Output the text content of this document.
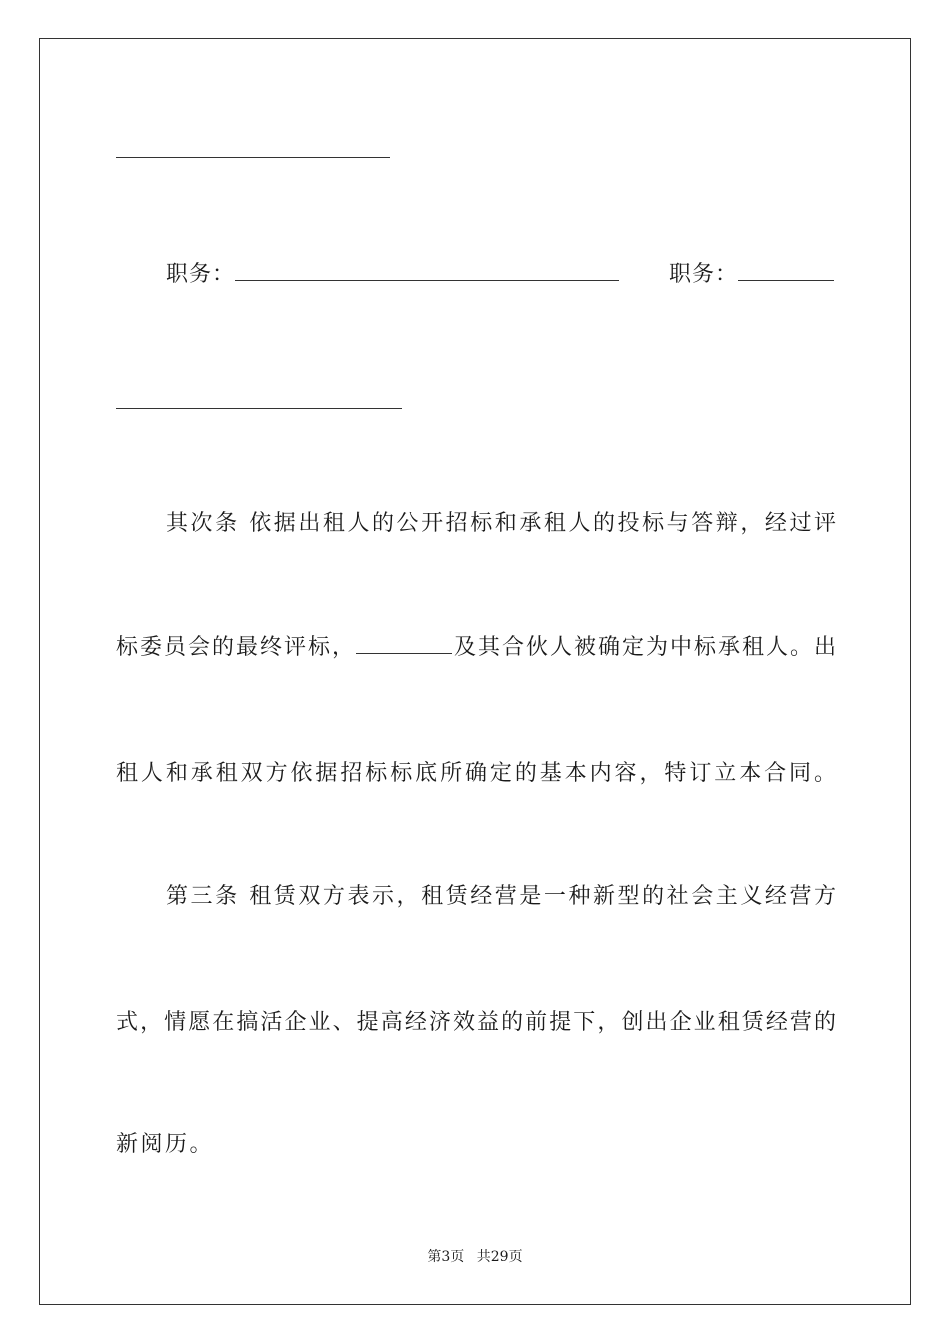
职务：	职务：
其次条 依据出租人的公开招标和承租人的投标与答辩，经过评
标委员会的最终评标，	及其合伙人被确定为中标承租人。出
租人和承租双方依据招标标底所确定的基本内容，特订立本合同。
第三条 租赁双方表示，租赁经营是一种新型的社会主义经营方
式，情愿在搞活企业、提高经济效益的前提下，创出企业租赁经营的
新阅历。
第3页 共29页
